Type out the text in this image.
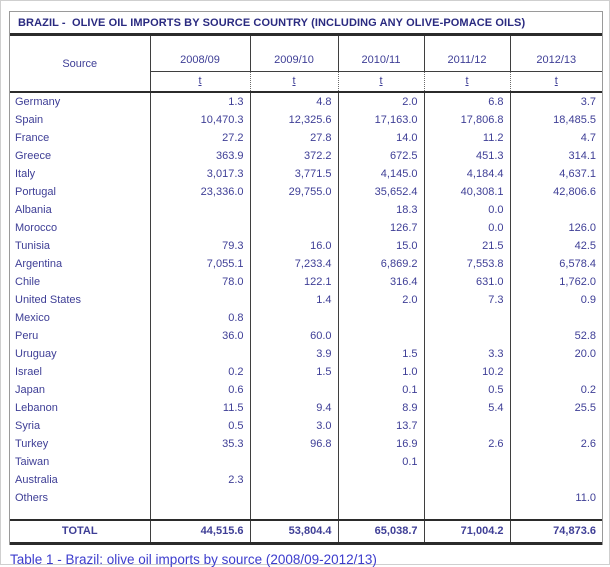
BRAZIL -  OLIVE OIL IMPORTS BY SOURCE COUNTRY (INCLUDING ANY OLIVE-POMACE OILS)
Source	2008/09	2009/10	2010/11	2011/12	2012/13
	t	t	t	t	t
Germany	1.3	4.8	2.0	6.8	3.7
Spain	10,470.3	12,325.6	17,163.0	17,806.8	18,485.5
France	27.2	27.8	14.0	11.2	4.7
Greece	363.9	372.2	672.5	451.3	314.1
Italy	3,017.3	3,771.5	4,145.0	4,184.4	4,637.1
Portugal	23,336.0	29,755.0	35,652.4	40,308.1	42,806.6
Albania			18.3	0.0	
Morocco			126.7	0.0	126.0
Tunisia	79.3	16.0	15.0	21.5	42.5
Argentina	7,055.1	7,233.4	6,869.2	7,553.8	6,578.4
Chile	78.0	122.1	316.4	631.0	1,762.0
United States		1.4	2.0	7.3	0.9
Mexico	0.8				
Peru	36.0	60.0			52.8
Uruguay		3.9	1.5	3.3	20.0
Israel	0.2	1.5	1.0	10.2	
Japan	0.6		0.1	0.5	0.2
Lebanon	11.5	9.4	8.9	5.4	25.5
Syria	0.5	3.0	13.7		
Turkey	35.3	96.8	16.9	2.6	2.6
Taiwan			0.1		
Australia	2.3				
Others					11.0

TOTAL	44,515.6	53,804.4	65,038.7	71,004.2	74,873.6
Table 1 - Brazil: olive oil imports by source (2008/09-2012/13)
